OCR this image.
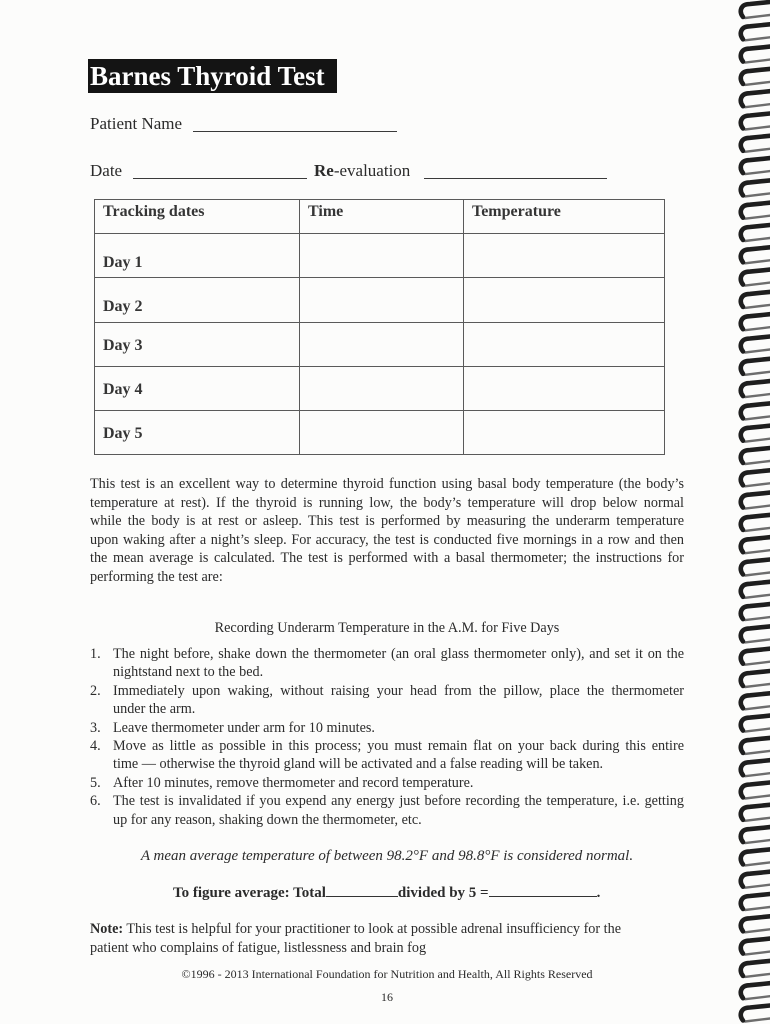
Barnes Thyroid Test
Patient Name
Date	Re-evaluation
Tracking dates	Time	Temperature
Day 1		
Day 2		
Day 3		
Day 4		
Day 5		
This test is an excellent way to determine thyroid function using basal body temperature (the body’s
temperature at rest). If the thyroid is running low, the body’s temperature will drop below normal
while the body is at rest or asleep. This test is performed by measuring the underarm temperature
upon waking after a night’s sleep. For accuracy, the test is conducted five mornings in a row and then
the mean average is calculated. The test is performed with a basal thermometer; the instructions for
performing the test are:
Recording Underarm Temperature in the A.M. for Five Days
1. The night before, shake down the thermometer (an oral glass thermometer only), and set it on the
nightstand next to the bed.
2. Immediately upon waking, without raising your head from the pillow, place the thermometer
under the arm.
3. Leave thermometer under arm for 10 minutes.
4. Move as little as possible in this process; you must remain flat on your back during this entire
time — otherwise the thyroid gland will be activated and a false reading will be taken.
5. After 10 minutes, remove thermometer and record temperature.
6. The test is invalidated if you expend any energy just before recording the temperature, i.e. getting
up for any reason, shaking down the thermometer, etc.
A mean average temperature of between 98.2°F and 98.8°F is considered normal.
To figure average: Total	divided by 5 =	.
Note: This test is helpful for your practitioner to look at possible adrenal insufficiency for the
patient who complains of fatigue, listlessness and brain fog
©1996 - 2013 International Foundation for Nutrition and Health, All Rights Reserved
16
